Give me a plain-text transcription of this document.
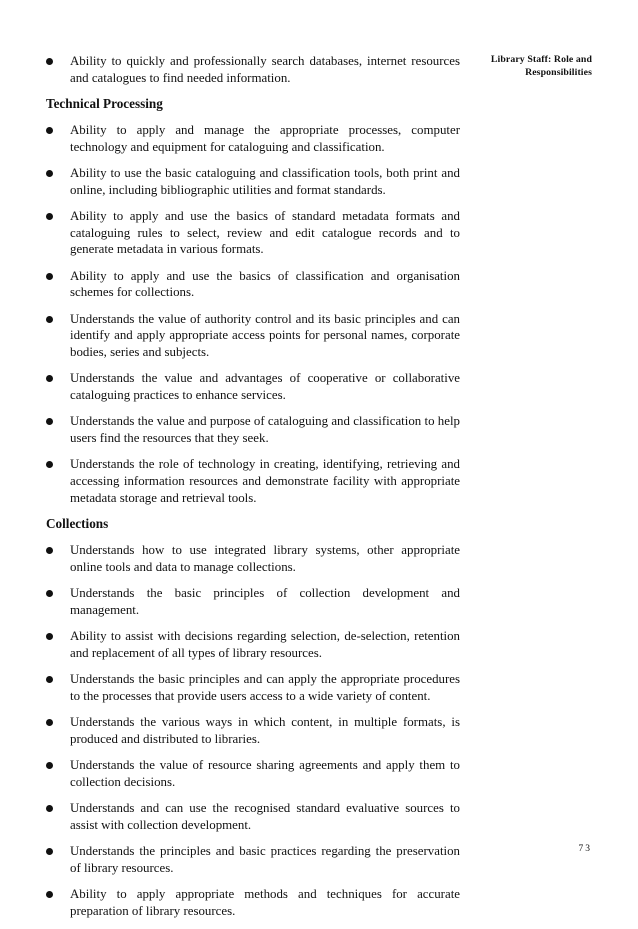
Ability to quickly and professionally search databases, internet resources and catalogues to find needed information.
Technical Processing
Ability to apply and manage the appropriate processes, computer technology and equipment for cataloguing and classification.
Ability to use the basic cataloguing and classification tools, both print and online, including bibliographic utilities and format standards.
Ability to apply and use the basics of standard metadata formats and cataloguing rules to select, review and edit catalogue records and to generate metadata in various formats.
Ability to apply and use the basics of classification and organisation schemes for collections.
Understands the value of authority control and its basic principles and can identify and apply appropriate access points for personal names, corporate bodies, series and subjects.
Understands the value and advantages of cooperative or collaborative cataloguing practices to enhance services.
Understands the value and purpose of cataloguing and classification to help users find the resources that they seek.
Understands the role of technology in creating, identifying, retrieving and accessing information resources and demonstrate facility with appropriate metadata storage and retrieval tools.
Collections
Understands how to use integrated library systems, other appropriate online tools and data to manage collections.
Understands the basic principles of collection development and management.
Ability to assist with decisions regarding selection, de-selection, retention and replacement of all types of library resources.
Understands the basic principles and can apply the appropriate procedures to the processes that provide users access to a wide variety of content.
Understands the various ways in which content, in multiple formats, is produced and distributed to libraries.
Understands the value of resource sharing agreements and apply them to collection decisions.
Understands and can use the recognised standard evaluative sources to assist with collection development.
Understands the principles and basic practices regarding the preservation of library resources.
Ability to apply appropriate methods and techniques for accurate preparation of library resources.
Library Staff: Role and Responsibilities
73
